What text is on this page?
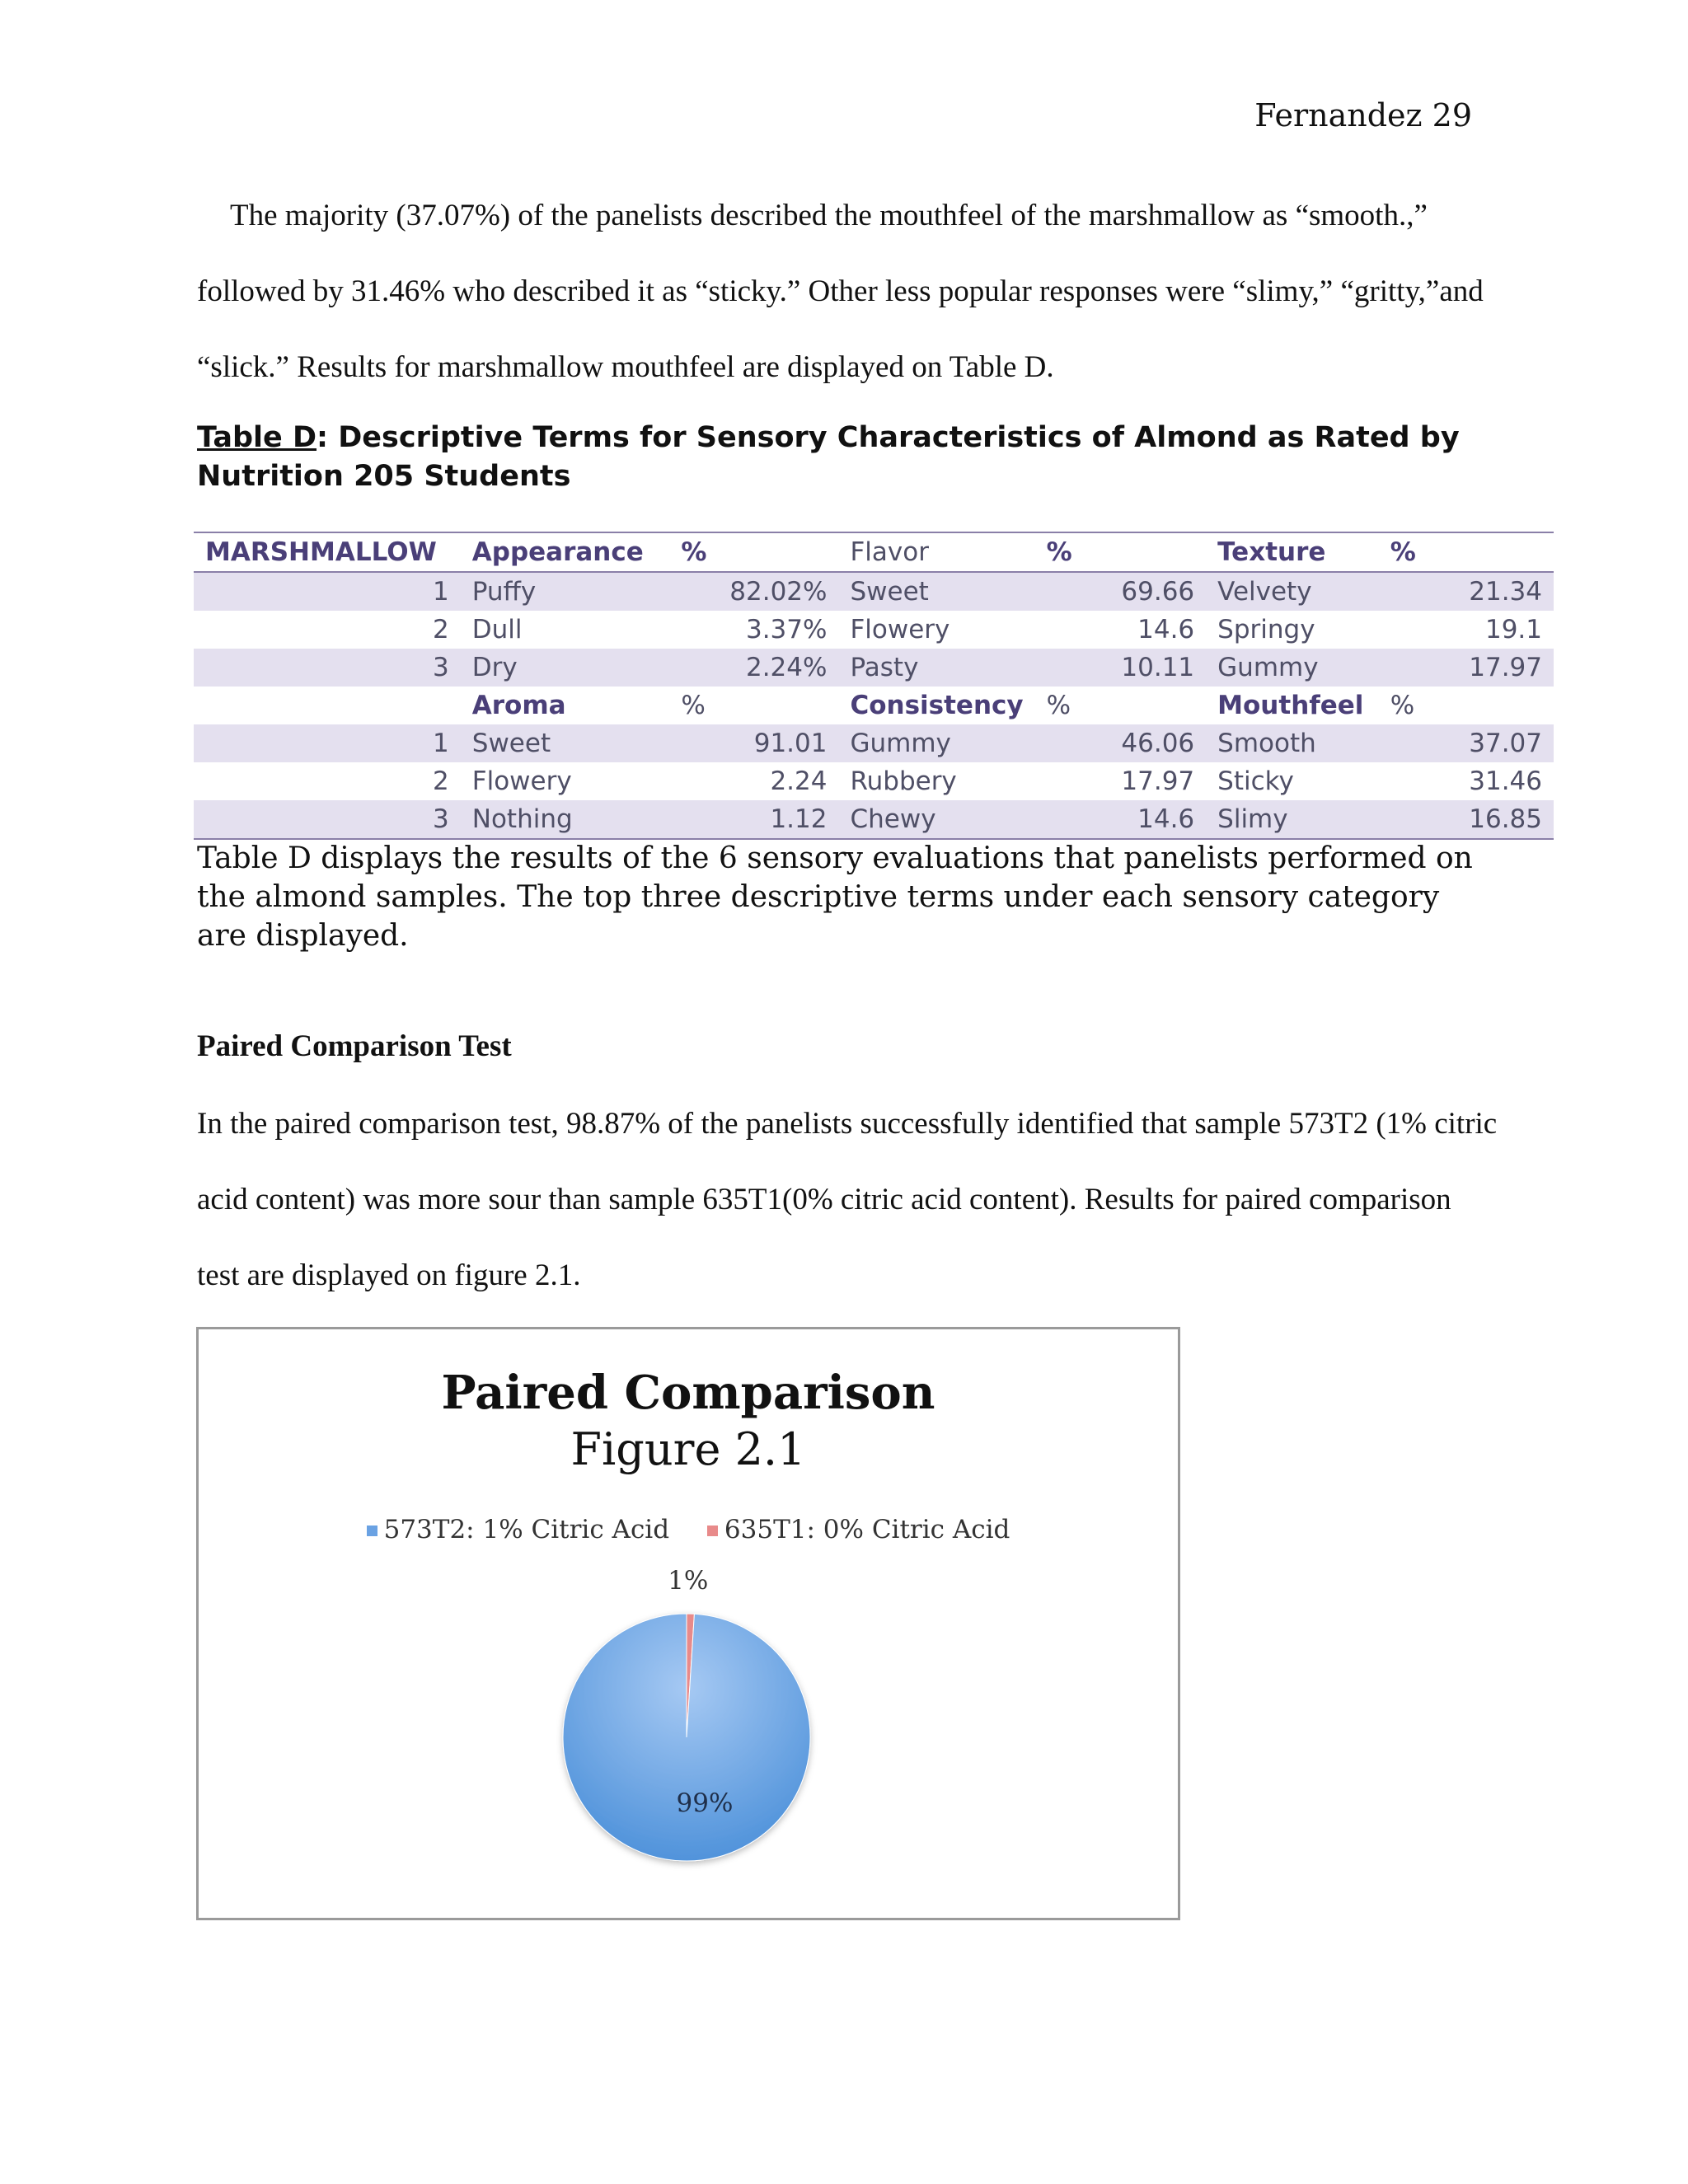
Fernandez 29

The majority (37.07%) of the panelists described the mouthfeel of the marshmallow as “smooth.,” followed by 31.46% who described it as “sticky.” Other less popular responses were “slimy,” “gritty,”and “slick.” Results for marshmallow mouthfeel are displayed on Table D.

Table D: Descriptive Terms for Sensory Characteristics of Almond as Rated by Nutrition 205 Students
MARSHMALLOW	Appearance	%	Flavor	%	Texture	%
1	Puffy	82.02%	Sweet	69.66	Velvety	21.34
2	Dull	3.37%	Flowery	14.6	Springy	19.1
3	Dry	2.24%	Pasty	10.11	Gummy	17.97
	Aroma	%	Consistency	%	Mouthfeel	%
1	Sweet	91.01	Gummy	46.06	Smooth	37.07
2	Flowery	2.24	Rubbery	17.97	Sticky	31.46
3	Nothing	1.12	Chewy	14.6	Slimy	16.85
Table D displays the results of the 6 sensory evaluations that panelists performed on the almond samples. The top three descriptive terms under each sensory category are displayed.
Paired Comparison Test

In the paired comparison test, 98.87% of the panelists successfully identified that sample 573T2 (1% citric acid content) was more sour than sample 635T1(0% citric acid content). Results for paired comparison test are displayed on figure 2.1.

Paired Comparison
Figure 2.1
573T2: 1% Citric Acid 635T1: 0% Citric Acid
1%
99%
